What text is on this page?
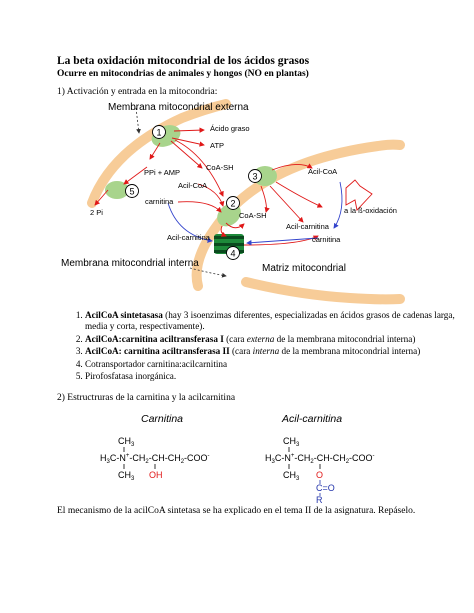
La beta oxidación mitocondrial de los ácidos grasos
Ocurre en mitocondrias de animales y hongos (NO en plantas)
1) Activación y entrada en la mitocondria:
1
5
3
2
4
Membrana mitocondrial externa
Ácido graso
ATP
PPi + AMP
CoA-SH
Acil-CoA
2 Pi
carnitina
Acil-CoA
CoA-SH
Acil-carnitina
Acil-carnitina	carnitina
a la ß-oxidación
Membrana mitocondrial interna	Matriz mitocondrial
1. AcilCoA sintetasasa (hay 3 isoenzimas diferentes, especializadas en ácidos grasos de cadenas larga, media y corta, respectivamente).
2. AcilCoA:carnitina aciltransferasa I (cara externa de la membrana mitocondrial interna)
3. AcilCoA: carnitina aciltransferasa II (cara interna de la membrana mitocondrial interna)
4. Cotransportador carnitina:acilcarnitina
5. Pirofosfatasa inorgánica.
2) Estructruras de la carnitina y la acilcarnitina
Carnitina
$CH_3$
$H_3C-N^+-CH_2-CH-CH_2-COO^-$
$CH_3$ OH
Acil-carnitina
$CH_3$
$H_3C-N^+-CH_2-CH-CH_2-COO^-$
$CH_3$ O
C=O
R
El mecanismo de la acilCoA sintetasa se ha explicado en el tema II de la asignatura. Repáselo.
